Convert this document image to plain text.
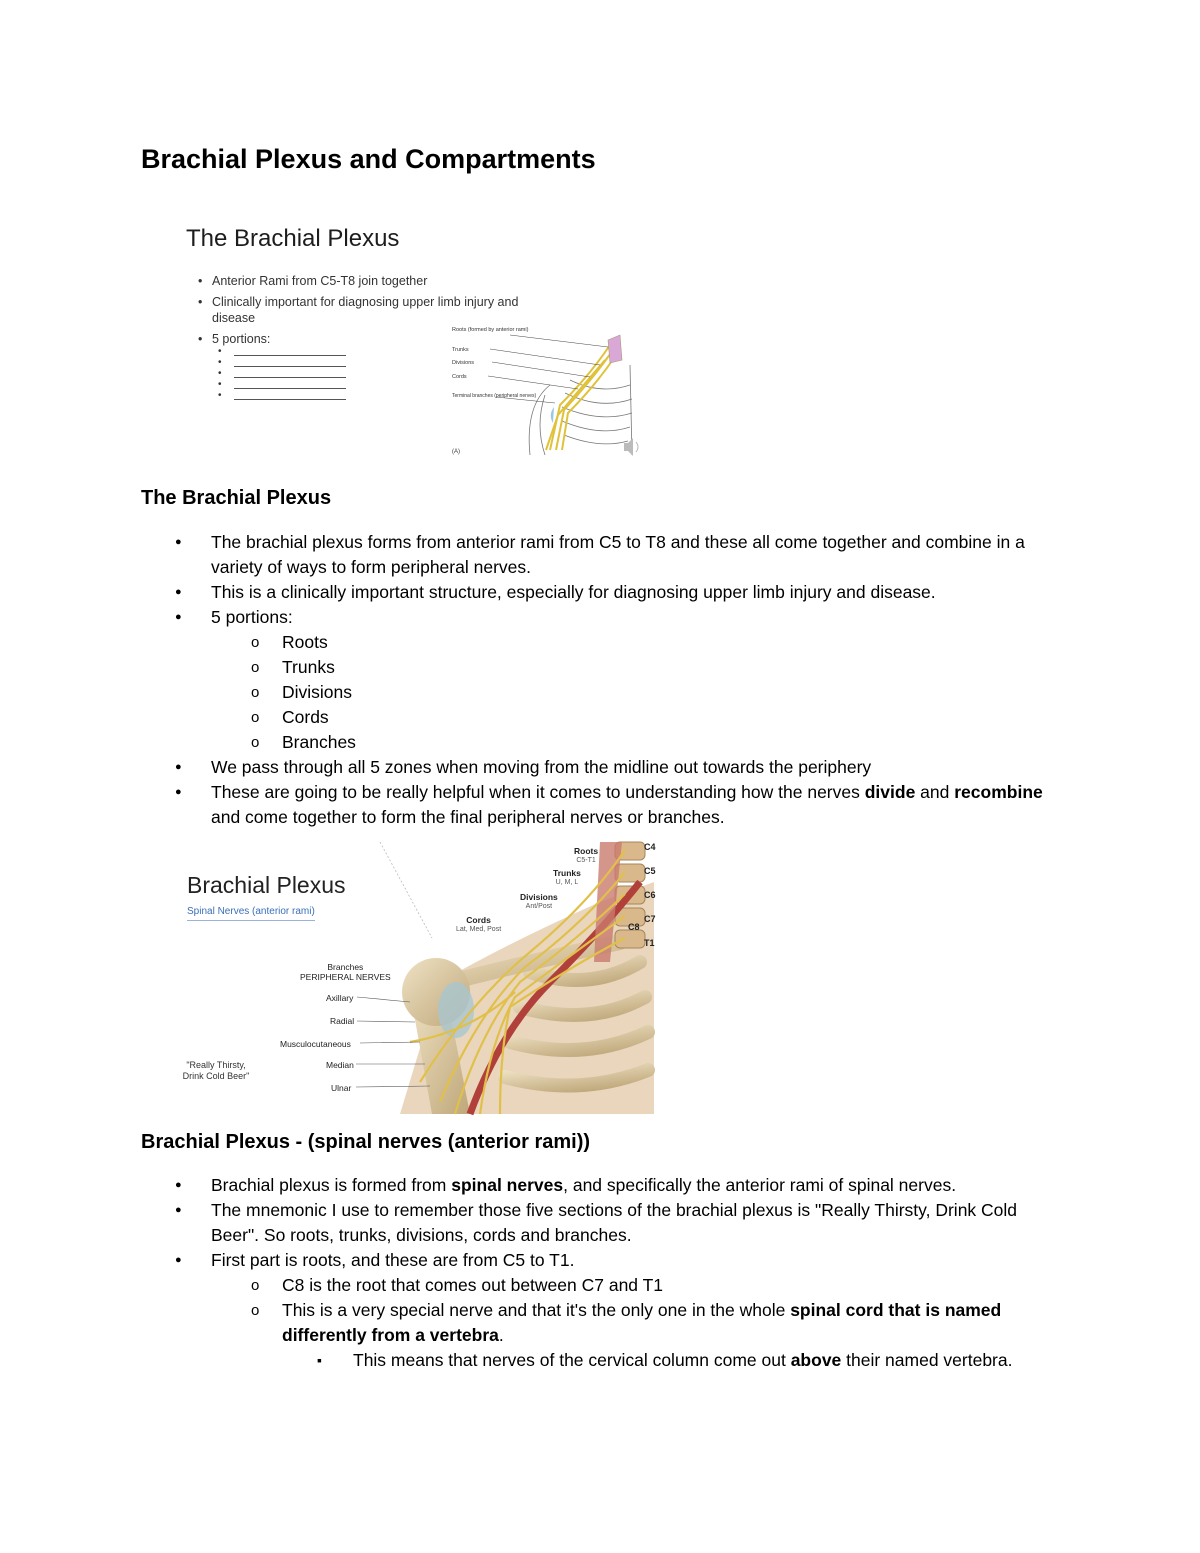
Brachial Plexus and Compartments
The Brachial Plexus
• Anterior Rami from C5-T8 join together
• Clinically important for diagnosing upper limb injury and disease
• 5 portions:
•
•
•
•
•
Roots (formed by anterior rami)
Trunks
Divisions
Cords
Terminal branches (peripheral nerves)
(A)
The Brachial Plexus
● The brachial plexus forms from anterior rami from C5 to T8 and these all come together and combine in a variety of ways to form peripheral nerves.
● This is a clinically important structure, especially for diagnosing upper limb injury and disease.
● 5 portions:
o Roots
o Trunks
o Divisions
o Cords
o Branches
● We pass through all 5 zones when moving from the midline out towards the periphery
● These are going to be really helpful when it comes to understanding how the nerves divide and recombine and come together to form the final peripheral nerves or branches.
C4
C5
C6
C7
C8
T1
Brachial Plexus
Spinal Nerves (anterior rami)
Roots
C5-T1
Trunks
U, M, L
Divisions
Ant/Post
Cords
Lat, Med, Post
Branches
PERIPHERAL NERVES
Axillary
Radial
Musculocutaneous
Median
Ulnar
"Really Thirsty, Drink Cold Beer"
Brachial Plexus - (spinal nerves (anterior rami))
● Brachial plexus is formed from spinal nerves, and specifically the anterior rami of spinal nerves.
● The mnemonic I use to remember those five sections of the brachial plexus is "Really Thirsty, Drink Cold Beer". So roots, trunks, divisions, cords and branches.
● First part is roots, and these are from C5 to T1.
o C8 is the root that comes out between C7 and T1
o This is a very special nerve and that it's the only one in the whole spinal cord that is named differently from a vertebra.
▪ This means that nerves of the cervical column come out above their named vertebra.
